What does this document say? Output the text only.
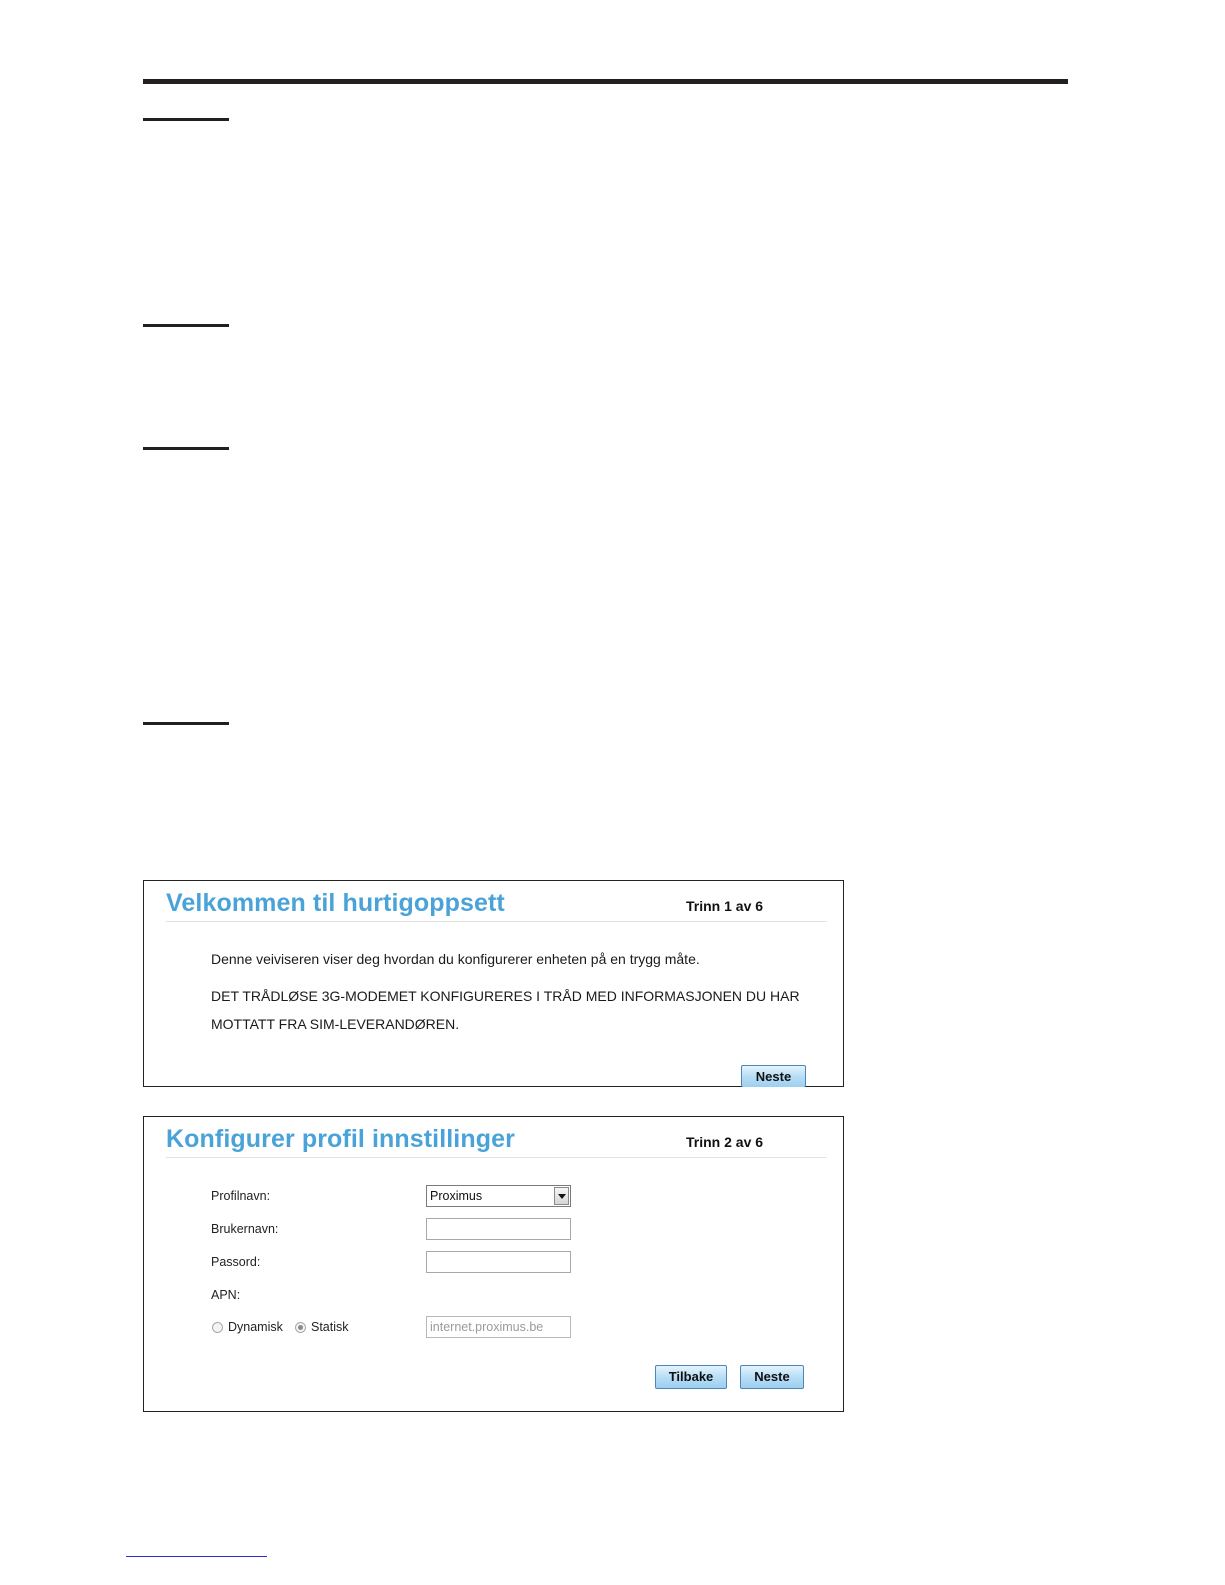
Velkommen til hurtigoppsett	Trinn 1 av 6
Denne veiviseren viser deg hvordan du konfigurerer enheten på en trygg måte.
DET TRÅDLØSE 3G-MODEMET KONFIGURERES I TRÅD MED INFORMASJONEN DU HAR
MOTTATT FRA SIM-LEVERANDØREN.
Neste
Konfigurer profil innstillinger	Trinn 2 av 6
Profilnavn:	Proximus
Brukernavn:
Passord:
APN:
Dynamisk Statisk
internet.proximus.be
Tilbake	Neste
